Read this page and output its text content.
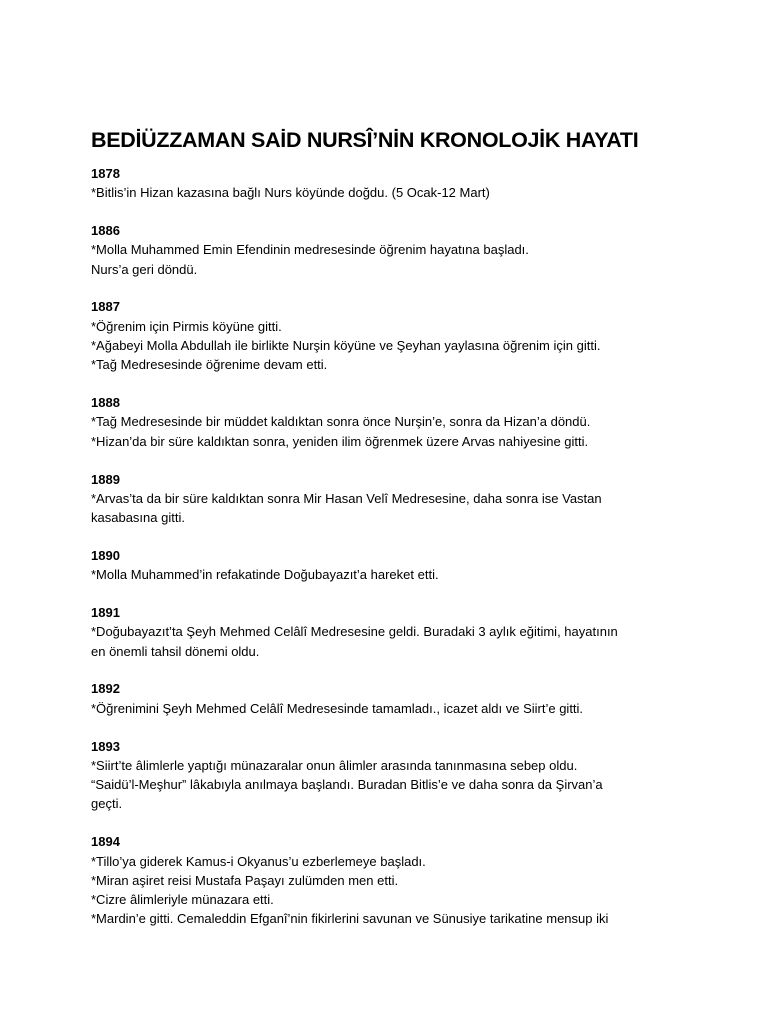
BEDİÜZZAMAN SAİD NURSÎ’NİN KRONOLOJİK HAYATI
1878
*Bitlis’in Hizan kazasına bağlı Nurs köyünde doğdu. (5 Ocak-12 Mart)
1886
*Molla Muhammed Emin Efendinin medresesinde öğrenim hayatına başladı.
Nurs’a geri döndü.
1887
*Öğrenim için Pirmis köyüne gitti.
*Ağabeyi Molla Abdullah ile birlikte Nurşin köyüne ve Şeyhan yaylasına öğrenim için gitti.
*Tağ Medresesinde öğrenime devam etti.
1888
*Tağ Medresesinde bir müddet kaldıktan sonra önce Nurşin’e, sonra da Hizan’a döndü.
*Hizan’da bir süre kaldıktan sonra, yeniden ilim öğrenmek üzere Arvas nahiyesine gitti.
1889
*Arvas’ta da bir süre kaldıktan sonra Mir Hasan Velî Medresesine, daha sonra ise Vastan
kasabasına gitti.
1890
*Molla Muhammed’in refakatinde Doğubayazıt’a hareket etti.
1891
*Doğubayazıt’ta Şeyh Mehmed Celâlî Medresesine geldi. Buradaki 3 aylık eğitimi, hayatının
en önemli tahsil dönemi oldu.
1892
*Öğrenimini Şeyh Mehmed Celâlî Medresesinde tamamladı., icazet aldı ve Siirt’e gitti.
1893
*Siirt’te âlimlerle yaptığı münazaralar onun âlimler arasında tanınmasına sebep oldu.
“Saidü’l-Meşhur” lâkabıyla anılmaya başlandı. Buradan Bitlis’e ve daha sonra da Şirvan’a
geçti.
1894
*Tillo’ya giderek Kamus-i Okyanus’u ezberlemeye başladı.
*Miran aşiret reisi Mustafa Paşayı zulümden men etti.
*Cizre âlimleriyle münazara etti.
*Mardin’e gitti. Cemaleddin Efganî’nin fikirlerini savunan ve Sünusiye tarikatine mensup iki
